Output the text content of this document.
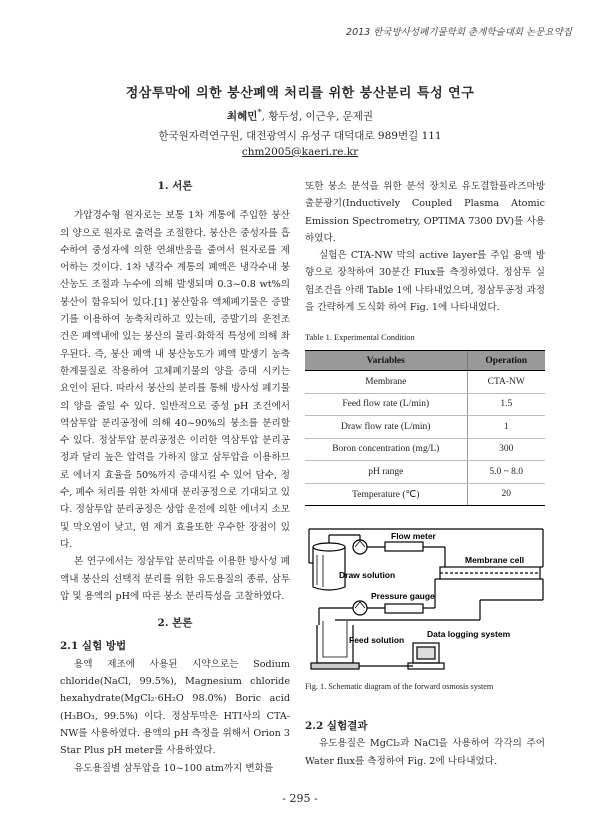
2013 한국방사성폐기물학회 춘계학술대회 논문요약집
정삼투막에 의한 붕산폐액 처리를 위한 붕산분리 특성 연구
최혜민*, 황두성, 이근우, 문제권
한국원자력연구원, 대전광역시 유성구 대덕대로 989번길 111
chm2005@kaeri.re.kr
1. 서론

가압경수형 원자로는 보통 1차 계통에 주입한 붕산의 양으로 원자로 출력을 조절한다. 붕산은 중성자를 흡수하여 중성자에 의한 연쇄반응을 줄여서 원자로를 제어하는 것이다. 1차 냉각수 계통의 폐액은 냉각수내 붕산농도 조절과 누수에 의해 발생되며 0.3~0.8 wt%의 붕산이 함유되어 있다.[1] 붕산함유 액체폐기물은 증발기를 이용하여 농축처리하고 있는데, 증발기의 운전조건은 폐액내에 있는 붕산의 물리·화학적 특성에 의해 좌우된다. 즉, 붕산 폐액 내 붕산농도가 폐액 발생기 농축한계물질로 작용하여 고체폐기물의 양을 증대 시키는 요인이 된다. 따라서 붕산의 분리를 통해 방사성 폐기물의 양을 줄일 수 있다. 일반적으로 중성 pH 조건에서 역삼투압 분리공정에 의해 40~90%의 붕소를 분리할 수 있다. 정삼투압 분리공정은 이러한 역삼투압 분리공정과 달리 높은 압력을 가하지 않고 삼투압을 이용하므로 에너지 효율을 50%까지 증대시킬 수 있어 담수, 정수, 폐수 처리를 위한 차세대 분리공정으로 기대되고 있다. 정삼투압 분리공정은 상압 운전에 의한 에너지 소모 및 막오염이 낮고, 염 제거 효율또한 우수한 장점이 있다.

본 연구에서는 정삼투압 분리막을 이용한 방사성 폐액내 붕산의 선택적 분리를 위한 유도용질의 종류, 삼투압 및 용액의 pH에 따른 붕소 분리특성을 고찰하였다.

2. 본론
2.1 실험 방법

용액 제조에 사용된 시약으로는 Sodium chloride(NaCl, 99.5%), Magnesium chloride hexahydrate(MgCl₂·6H₂O 98.0%) Boric acid (H₃BO₃, 99.5%) 이다. 정삼투막은 HTI사의 CTA-NW를 사용하였다. 용액의 pH 측정을 위해서 Orion 3 Star Plus pH meter를 사용하였다.

유도용질별 삼투압을 10~100 atm까지 변화를

또한 붕소 분석을 위한 분석 장치로 유도결합플라즈마방출분광기(Inductively Coupled Plasma Atomic Emission Spectrometry, OPTIMA 7300 DV)를 사용하였다.

실험은 CTA-NW 막의 active layer를 주입 용액 방향으로 장착하여 30분간 Flux를 측정하였다. 정삼투 실험조건을 아래 Table 1에 나타내었으며, 정삼투공정 과정을 간략하게 도식화 하여 Fig. 1에 나타내었다.

Table 1. Experimental Condition
Variables	Operation
Membrane	CTA-NW
Feed flow rate (L/min)	1.5
Draw flow rate (L/min)	1
Boron concentration (mg/L)	300
pH range	5.0 ~ 8.0
Temperature (℃)	20
Flow meter
Membrane cell
Draw solution
Pressure gauge
Feed solution
Data logging system
Fig. 1. Schematic diagram of the forward osmosis system
2.2 실험결과

유도용질은 MgCl₂과 NaCl을 사용하여 각각의 주어 Water flux를 측정하여 Fig. 2에 나타내었다.

- 295 -
